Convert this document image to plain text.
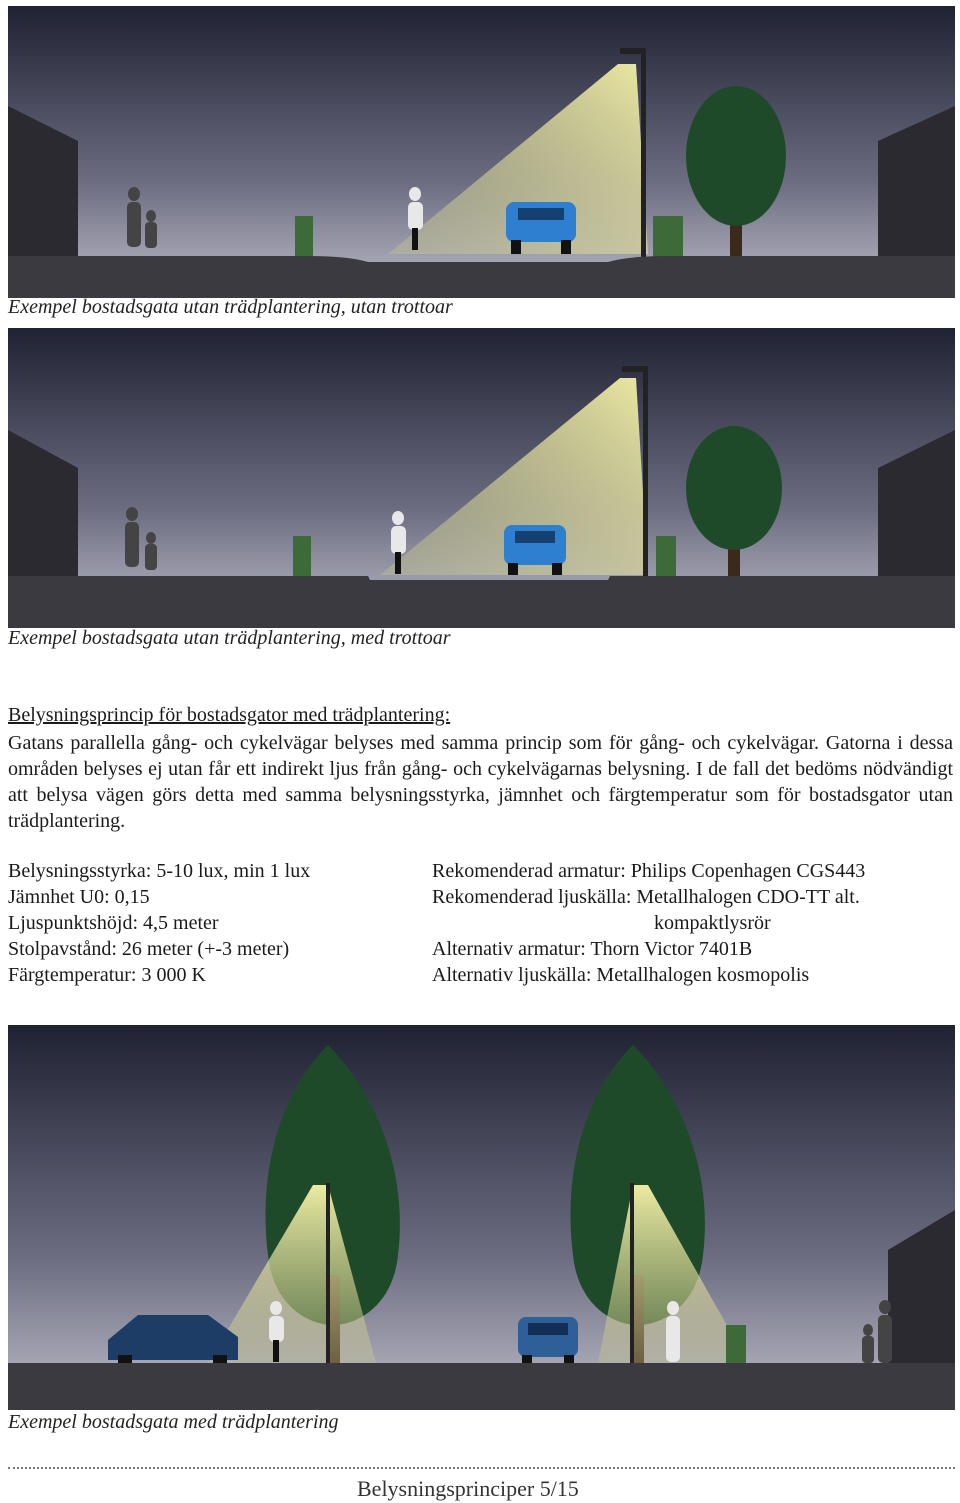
Exempel bostadsgata utan trädplantering, utan trottoar
Exempel bostadsgata utan trädplantering, med trottoar
Belysningsprincip för bostadsgator med trädplantering:
Gatans parallella gång- och cykelvägar belyses med samma princip som för gång- och cykelvägar. Gatorna i dessa områden belyses ej utan får ett indirekt ljus från gång- och cykelvägarnas belysning. I de fall det bedöms nödvändigt att belysa vägen görs detta med samma belysningsstyrka, jämnhet och färgtemperatur som för bostadsgator utan trädplantering.
Belysningsstyrka: 5-10 lux, min 1 lux
Jämnhet U0: 0,15
Ljuspunktshöjd: 4,5 meter
Stolpavstånd: 26 meter (+-3 meter)
Färgtemperatur: 3 000 K
Rekomenderad armatur: Philips Copenhagen CGS443
Rekomenderad ljuskälla: Metallhalogen CDO-TT alt.
kompaktlysrör
Alternativ armatur: Thorn Victor 7401B
Alternativ ljuskälla: Metallhalogen kosmopolis
Exempel bostadsgata med trädplantering
Belysningsprinciper 5/15
